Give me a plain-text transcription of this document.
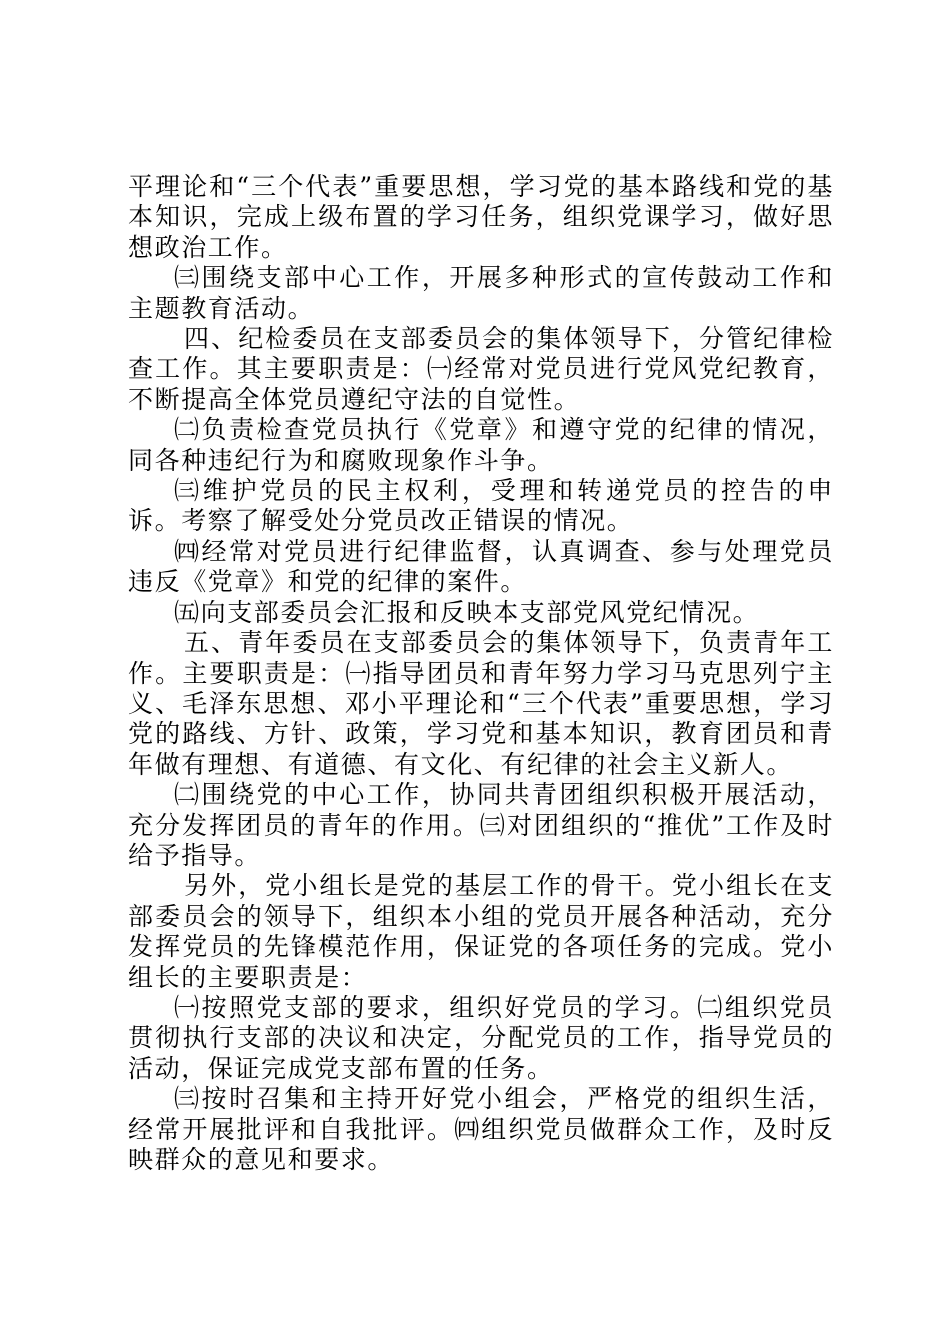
平理论和“三个代表”重要思想，学习党的基本路线和党的基本知识，完成上级布置的学习任务，组织党课学习，做好思想政治工作。

㈢围绕支部中心工作，开展多种形式的宣传鼓动工作和主题教育活动。

四、纪检委员在支部委员会的集体领导下，分管纪律检查工作。其主要职责是：㈠经常对党员进行党风党纪教育，不断提高全体党员遵纪守法的自觉性。

㈡负责检查党员执行《党章》和遵守党的纪律的情况，同各种违纪行为和腐败现象作斗争。

㈢维护党员的民主权利，受理和转递党员的控告的申诉。考察了解受处分党员改正错误的情况。

㈣经常对党员进行纪律监督，认真调查、参与处理党员违反《党章》和党的纪律的案件。

㈤向支部委员会汇报和反映本支部党风党纪情况。

五、青年委员在支部委员会的集体领导下，负责青年工作。主要职责是：㈠指导团员和青年努力学习马克思列宁主义、毛泽东思想、邓小平理论和“三个代表”重要思想，学习党的路线、方针、政策，学习党和基本知识，教育团员和青年做有理想、有道德、有文化、有纪律的社会主义新人。

㈡围绕党的中心工作，协同共青团组织积极开展活动，充分发挥团员的青年的作用。㈢对团组织的“推优”工作及时给予指导。

另外，党小组长是党的基层工作的骨干。党小组长在支部委员会的领导下，组织本小组的党员开展各种活动，充分发挥党员的先锋模范作用，保证党的各项任务的完成。党小组长的主要职责是：

㈠按照党支部的要求，组织好党员的学习。㈡组织党员贯彻执行支部的决议和决定，分配党员的工作，指导党员的活动，保证完成党支部布置的任务。

㈢按时召集和主持开好党小组会，严格党的组织生活，经常开展批评和自我批评。㈣组织党员做群众工作，及时反映群众的意见和要求。
